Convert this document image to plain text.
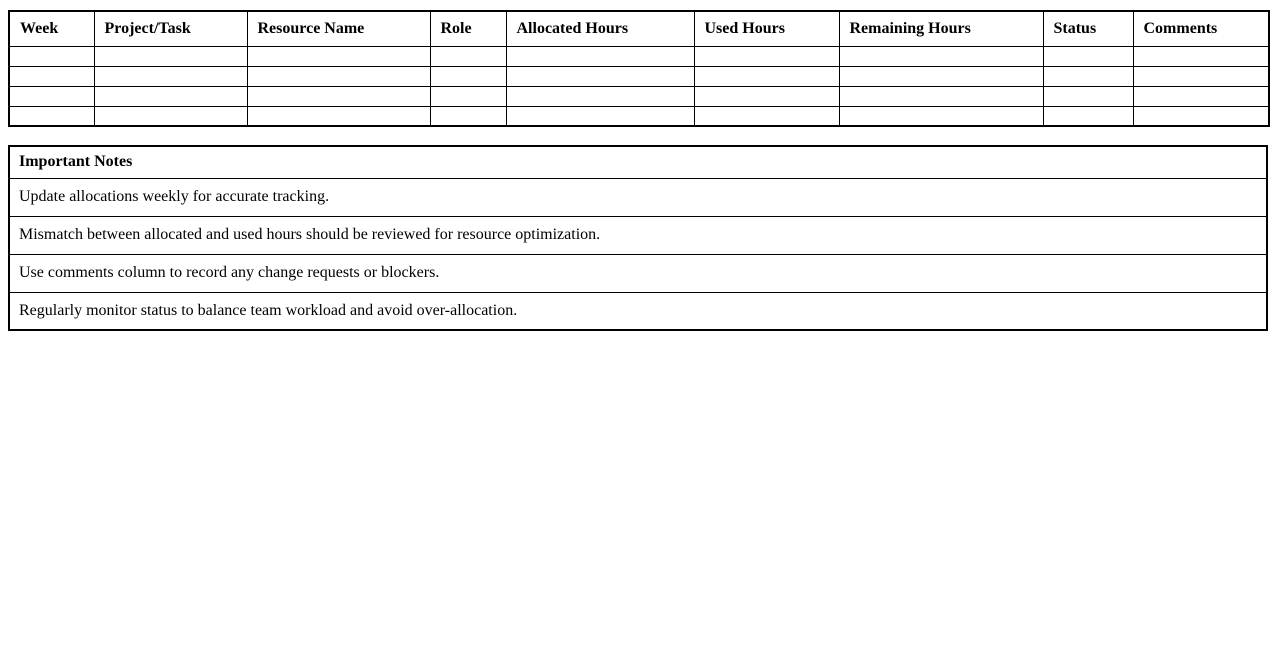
Week	Project/Task	Resource Name	Role	Allocated Hours	Used Hours	Remaining Hours	Status	Comments

Important Notes
Update allocations weekly for accurate tracking.
Mismatch between allocated and used hours should be reviewed for resource optimization.
Use comments column to record any change requests or blockers.
Regularly monitor status to balance team workload and avoid over-allocation.
